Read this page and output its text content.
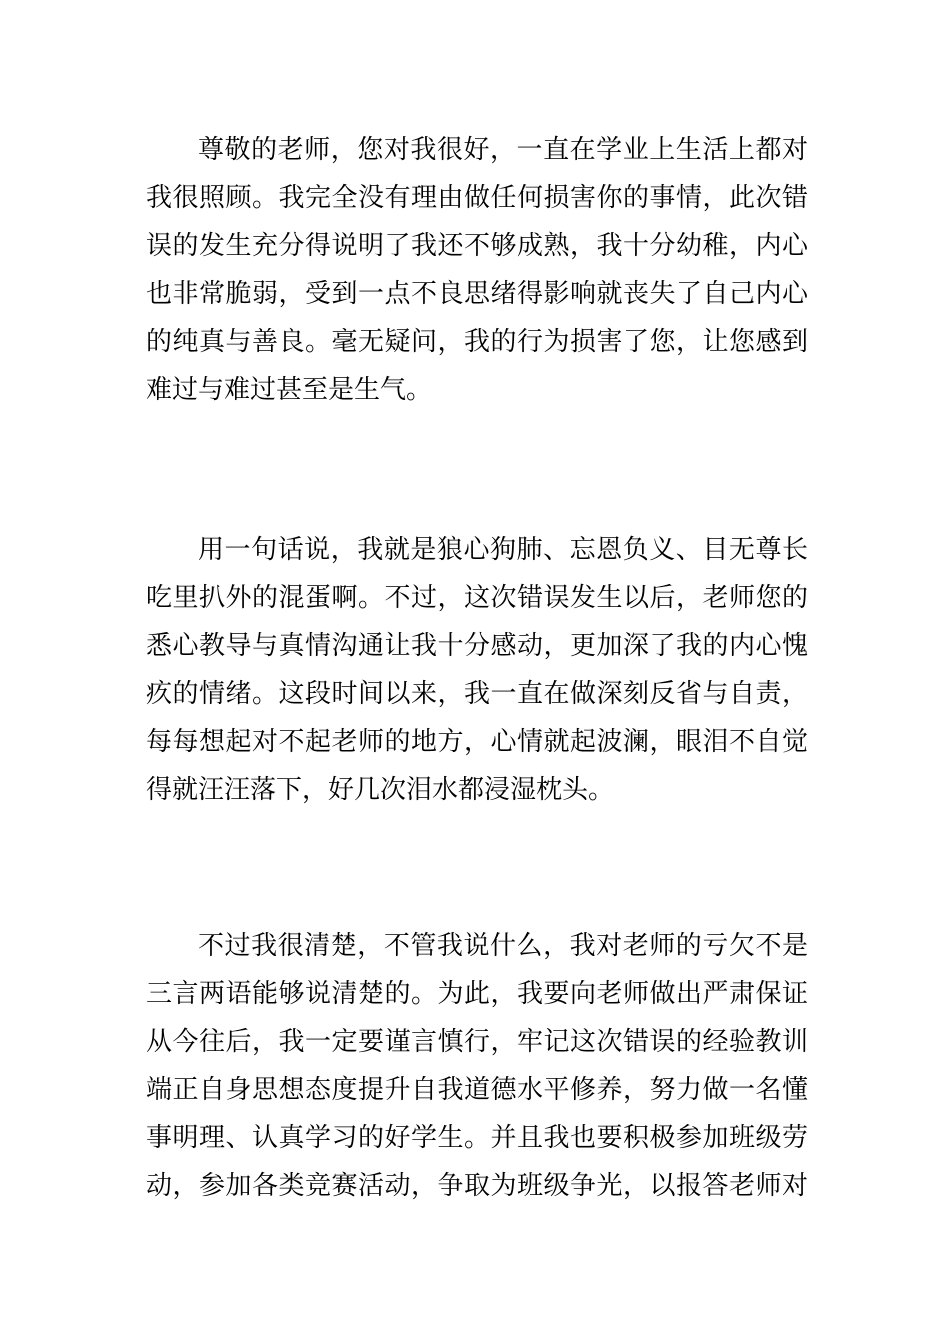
尊敬的老师，您对我很好，一直在学业上生活上都对
我很照顾。我完全没有理由做任何损害你的事情，此次错
误的发生充分得说明了我还不够成熟，我十分幼稚，内心
也非常脆弱，受到一点不良思绪得影响就丧失了自己内心
的纯真与善良。毫无疑问，我的行为损害了您，让您感到
难过与难过甚至是生气。
用一句话说，我就是狼心狗肺、忘恩负义、目无尊长
吃里扒外的混蛋啊。不过，这次错误发生以后，老师您的
悉心教导与真情沟通让我十分感动，更加深了我的内心愧
疚的情绪。这段时间以来，我一直在做深刻反省与自责，
每每想起对不起老师的地方，心情就起波澜，眼泪不自觉
得就汪汪落下，好几次泪水都浸湿枕头。
不过我很清楚，不管我说什么，我对老师的亏欠不是
三言两语能够说清楚的。为此，我要向老师做出严肃保证
从今往后，我一定要谨言慎行，牢记这次错误的经验教训
端正自身思想态度提升自我道德水平修养，努力做一名懂
事明理、认真学习的好学生。并且我也要积极参加班级劳
动，参加各类竞赛活动，争取为班级争光，以报答老师对
